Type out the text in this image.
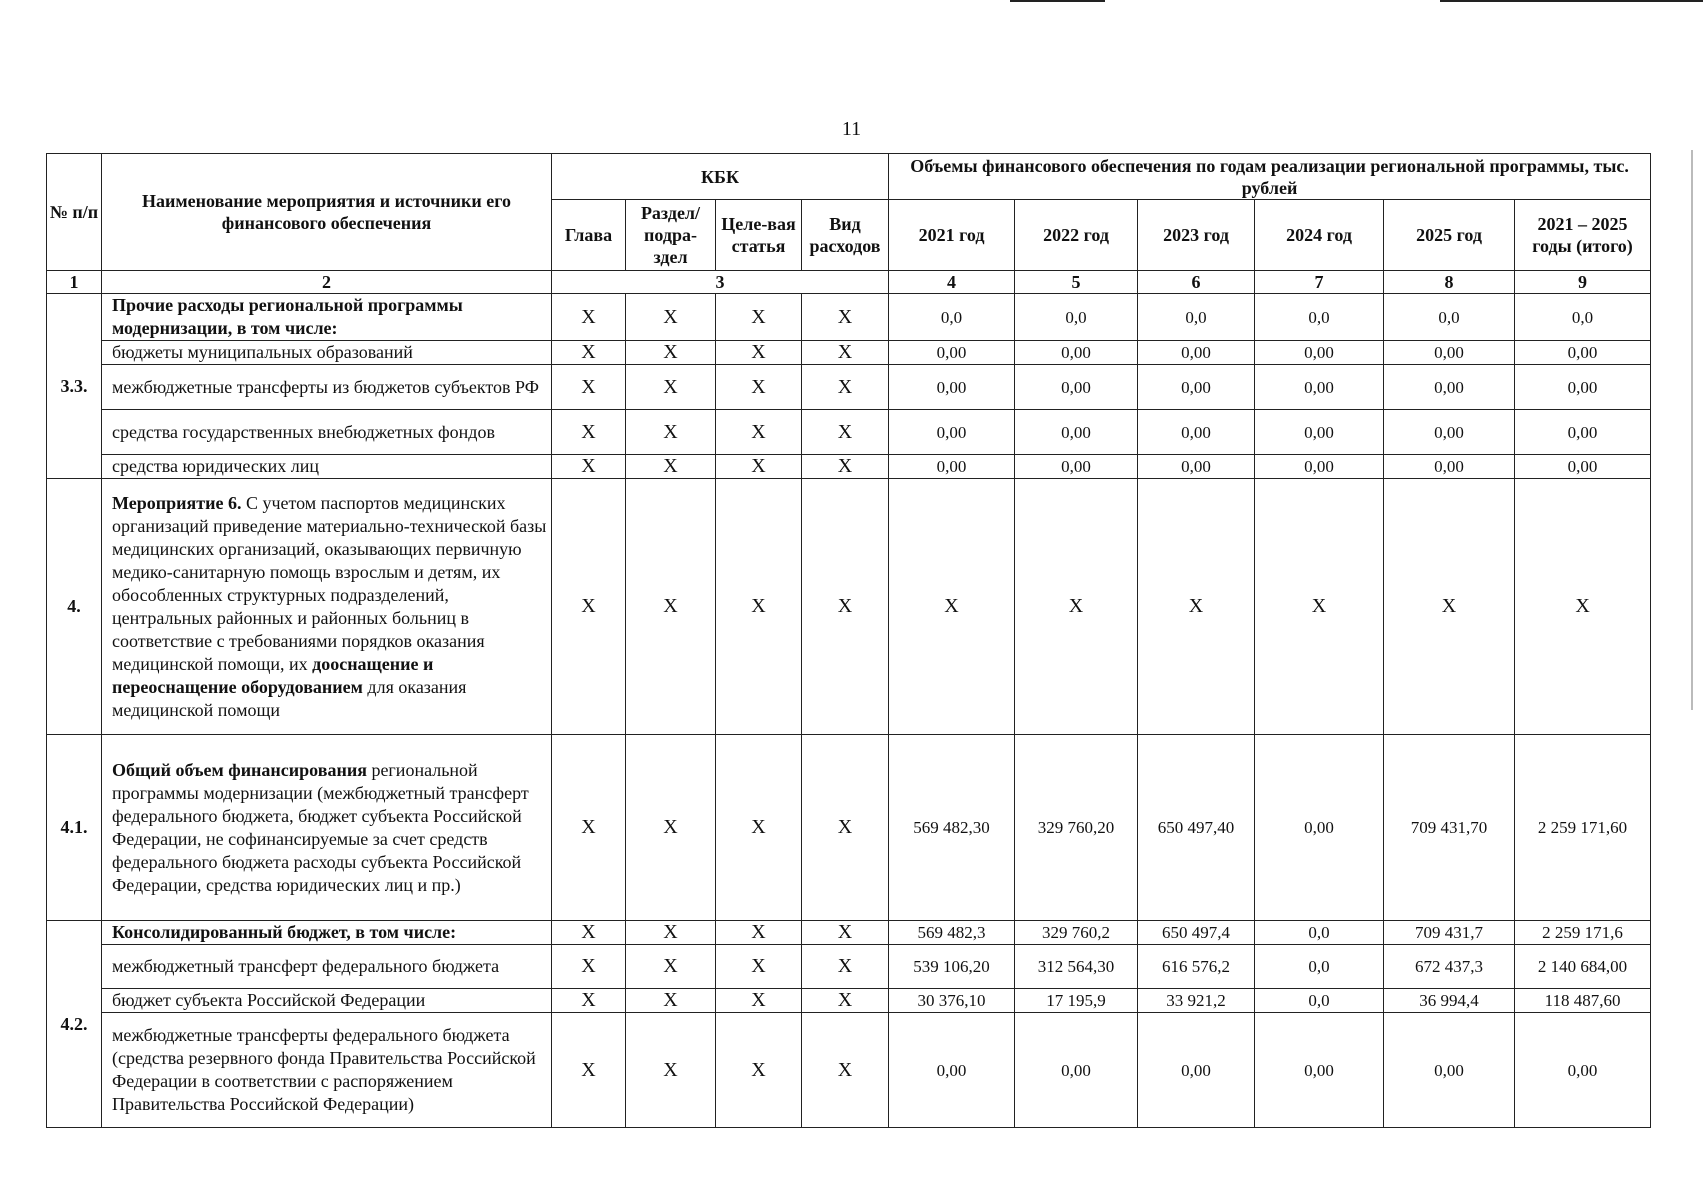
11
№ п/п	Наименование мероприятия и источники его финансового обеспечения	КБК				Объемы финансового обеспечения по годам реализации региональной программы, тыс. рублей					
		Глава	Раздел/ подра-здел	Целе-вая статья	Вид расходов	2021 год	2022 год	2023 год	2024 год	2025 год	2021 – 2025 годы (итого)
1	2	3				4	5	6	7	8	9
3.3.	Прочие расходы региональной программы модернизации, в том числе:	X	X	X	X	0,0	0,0	0,0	0,0	0,0	0,0
	бюджеты муниципальных образований	X	X	X	X	0,00	0,00	0,00	0,00	0,00	0,00
	межбюджетные трансферты из бюджетов субъектов РФ	X	X	X	X	0,00	0,00	0,00	0,00	0,00	0,00
	средства государственных внебюджетных фондов	X	X	X	X	0,00	0,00	0,00	0,00	0,00	0,00
	средства юридических лиц	X	X	X	X	0,00	0,00	0,00	0,00	0,00	0,00
4.	Мероприятие 6. С учетом паспортов медицинских организаций приведение материально-технической базы медицинских организаций, оказывающих первичную медико-санитарную помощь взрослым и детям, их обособленных структурных подразделений, центральных районных и районных больниц в соответствие с требованиями порядков оказания медицинской помощи, их дооснащение и переоснащение оборудованием для оказания медицинской помощи	X	X	X	X	X	X	X	X	X	X
4.1.	Общий объем финансирования региональной программы модернизации (межбюджетный трансферт федерального бюджета, бюджет субъекта Российской Федерации, не софинансируемые за счет средств федерального бюджета расходы субъекта Российской Федерации, средства юридических лиц и пр.)	X	X	X	X	569 482,30	329 760,20	650 497,40	0,00	709 431,70	2 259 171,60
4.2.	Консолидированный бюджет, в том числе:	X	X	X	X	569 482,3	329 760,2	650 497,4	0,0	709 431,7	2 259 171,6
	межбюджетный трансферт федерального бюджета	X	X	X	X	539 106,20	312 564,30	616 576,2	0,0	672 437,3	2 140 684,00
	бюджет субъекта Российской Федерации	X	X	X	X	30 376,10	17 195,9	33 921,2	0,0	36 994,4	118 487,60
	межбюджетные трансферты федерального бюджета (средства резервного фонда Правительства Российской Федерации в соответствии с распоряжением Правительства Российской Федерации)	X	X	X	X	0,00	0,00	0,00	0,00	0,00	0,00
